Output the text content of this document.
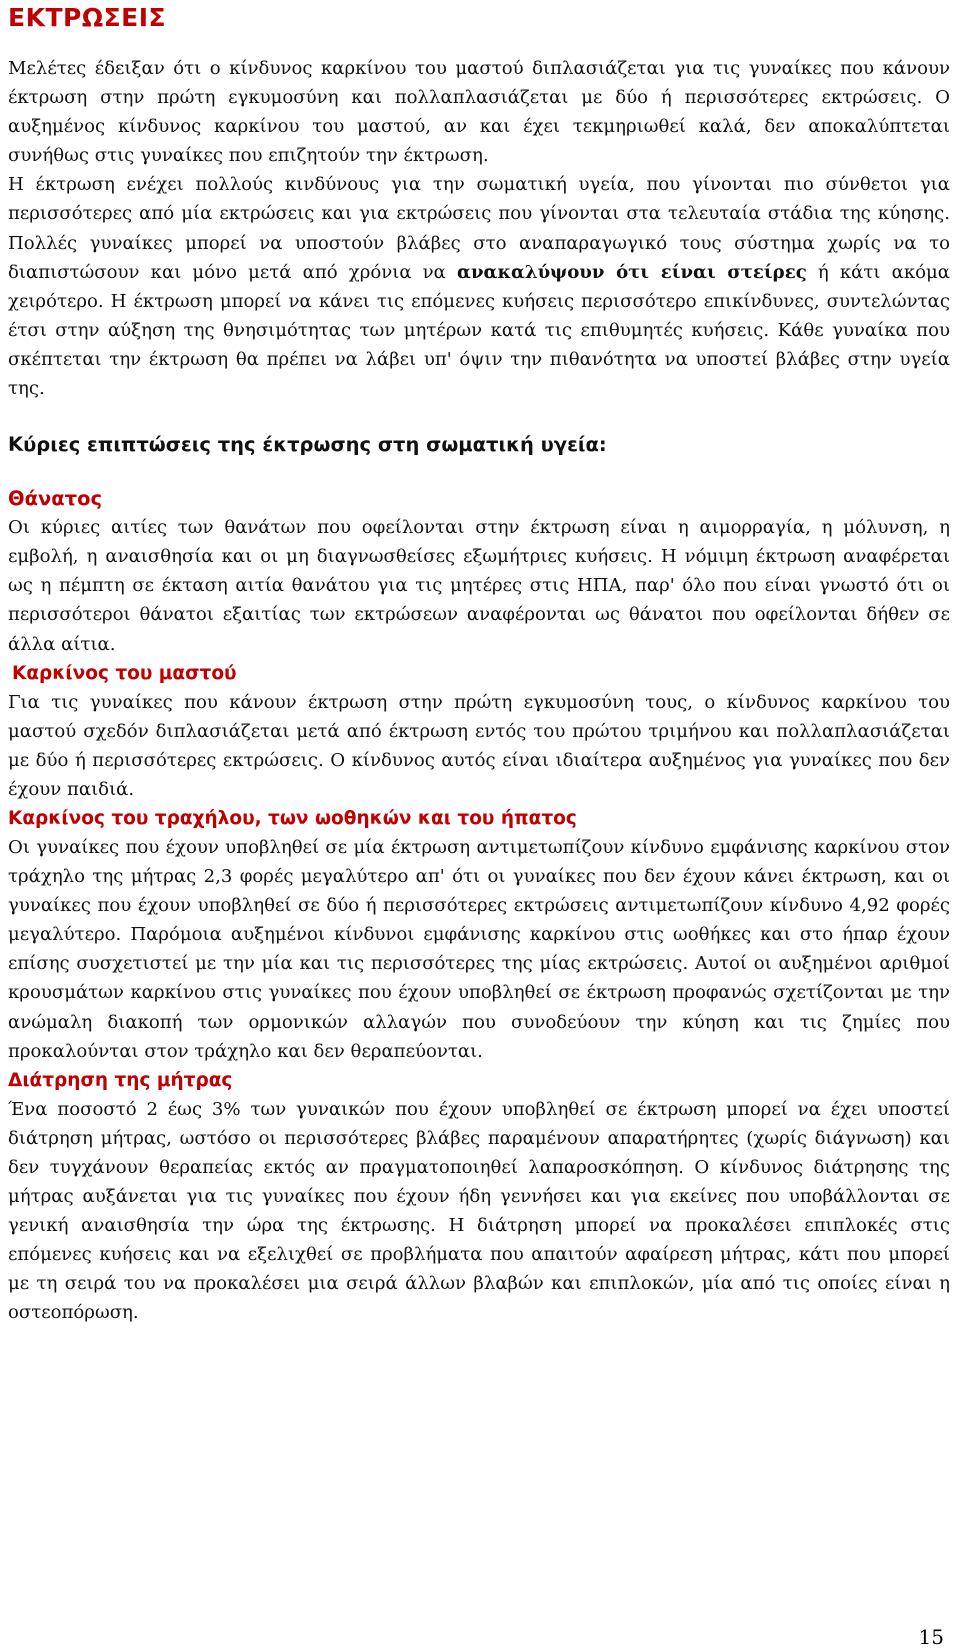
ΕΚΤΡΩΣΕΙΣ

Μελέτες έδειξαν ότι ο κίνδυνος καρκίνου του μαστού διπλασιάζεται για τις γυναίκες που κάνουν έκτρωση στην πρώτη εγκυμοσύνη και πολλαπλασιάζεται με δύο ή περισσότερες εκτρώσεις. Ο αυξημένος κίνδυνος καρκίνου του μαστού, αν και έχει τεκμηριωθεί καλά, δεν αποκαλύπτεται συνήθως στις γυναίκες που επιζητούν την έκτρωση.
Η έκτρωση ενέχει πολλούς κινδύνους για την σωματική υγεία, που γίνονται πιο σύνθετοι για περισσότερες από μία εκτρώσεις και για εκτρώσεις που γίνονται στα τελευταία στάδια της κύησης. Πολλές γυναίκες μπορεί να υποστούν βλάβες στο αναπαραγωγικό τους σύστημα χωρίς να το διαπιστώσουν και μόνο μετά από χρόνια να ανακαλύψουν ότι είναι στείρες ή κάτι ακόμα χειρότερο. Η έκτρωση μπορεί να κάνει τις επόμενες κυήσεις περισσότερο επικίνδυνες, συντελώντας έτσι στην αύξηση της θνησιμότητας των μητέρων κατά τις επιθυμητές κυήσεις. Κάθε γυναίκα που σκέπτεται την έκτρωση θα πρέπει να λάβει υπ' όψιν την πιθανότητα να υποστεί βλάβες στην υγεία της.

Κύριες επιπτώσεις της έκτρωσης στη σωματική υγεία:
Θάνατος

Οι κύριες αιτίες των θανάτων που οφείλονται στην έκτρωση είναι η αιμορραγία, η μόλυνση, η εμβολή, η αναισθησία και οι μη διαγνωσθείσες εξωμήτριες κυήσεις. Η νόμιμη έκτρωση αναφέρεται ως η πέμπτη σε έκταση αιτία θανάτου για τις μητέρες στις ΗΠΑ, παρ' όλο που είναι γνωστό ότι οι περισσότεροι θάνατοι εξαιτίας των εκτρώσεων αναφέρονται ως θάνατοι που οφείλονται δήθεν σε άλλα αίτια.

Καρκίνος του μαστού

Για τις γυναίκες που κάνουν έκτρωση στην πρώτη εγκυμοσύνη τους, ο κίνδυνος καρκίνου του μαστού σχεδόν διπλασιάζεται μετά από έκτρωση εντός του πρώτου τριμήνου και πολλαπλασιάζεται με δύο ή περισσότερες εκτρώσεις. Ο κίνδυνος αυτός είναι ιδιαίτερα αυξημένος για γυναίκες που δεν έχουν παιδιά.

Καρκίνος του τραχήλου, των ωοθηκών και του ήπατος

Οι γυναίκες που έχουν υποβληθεί σε μία έκτρωση αντιμετωπίζουν κίνδυνο εμφάνισης καρκίνου στον τράχηλο της μήτρας 2,3 φορές μεγαλύτερο απ' ότι οι γυναίκες που δεν έχουν κάνει έκτρωση, και οι γυναίκες που έχουν υποβληθεί σε δύο ή περισσότερες εκτρώσεις αντιμετωπίζουν κίνδυνο 4,92 φορές μεγαλύτερο. Παρόμοια αυξημένοι κίνδυνοι εμφάνισης καρκίνου στις ωοθήκες και στο ήπαρ έχουν επίσης συσχετιστεί με την μία και τις περισσότερες της μίας εκτρώσεις. Αυτοί οι αυξημένοι αριθμοί κρουσμάτων καρκίνου στις γυναίκες που έχουν υποβληθεί σε έκτρωση προφανώς σχετίζονται με την ανώμαλη διακοπή των ορμονικών αλλαγών που συνοδεύουν την κύηση και τις ζημίες που προκαλούνται στον τράχηλο και δεν θεραπεύονται.

Διάτρηση της μήτρας

Ένα ποσοστό 2 έως 3% των γυναικών που έχουν υποβληθεί σε έκτρωση μπορεί να έχει υποστεί διάτρηση μήτρας, ωστόσο οι περισσότερες βλάβες παραμένουν απαρατήρητες (χωρίς διάγνωση) και δεν τυγχάνουν θεραπείας εκτός αν πραγματοποιηθεί λαπαροσκόπηση. Ο κίνδυνος διάτρησης της μήτρας αυξάνεται για τις γυναίκες που έχουν ήδη γεννήσει και για εκείνες που υποβάλλονται σε γενική αναισθησία την ώρα της έκτρωσης. Η διάτρηση μπορεί να προκαλέσει επιπλοκές στις επόμενες κυήσεις και να εξελιχθεί σε προβλήματα που απαιτούν αφαίρεση μήτρας, κάτι που μπορεί με τη σειρά του να προκαλέσει μια σειρά άλλων βλαβών και επιπλοκών, μία από τις οποίες είναι η οστεοπόρωση.

15
